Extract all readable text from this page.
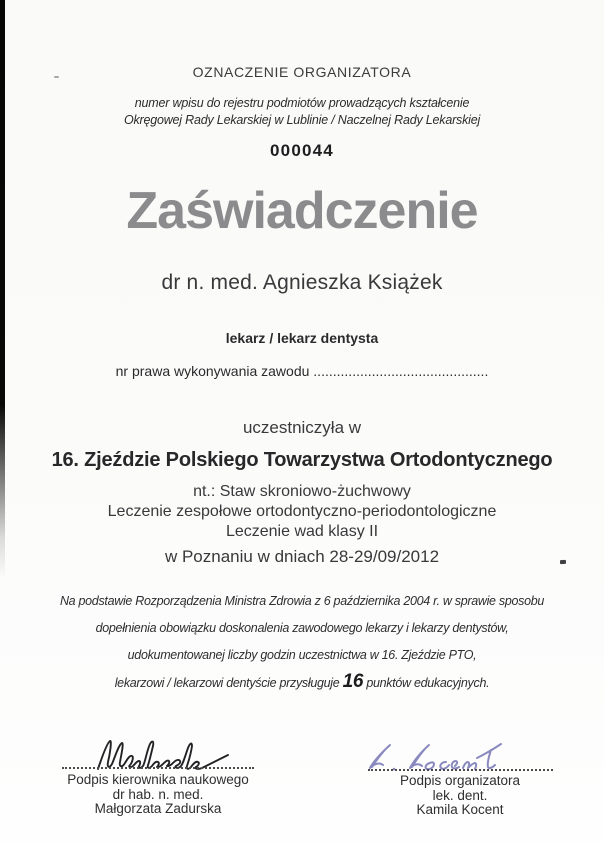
OZNACZENIE ORGANIZATORA
numer wpisu do rejestru podmiotów prowadzących kształcenie
Okręgowej Rady Lekarskiej w Lublinie / Naczelnej Rady Lekarskiej
000044
Zaświadczenie
dr n. med. Agnieszka Książek
lekarz / lekarz dentysta
nr prawa wykonywania zawodu .............................................
uczestniczyła w
16. Zjeździe Polskiego Towarzystwa Ortodontycznego
nt.: Staw skroniowo-żuchwowy
Leczenie zespołowe ortodontyczno-periodontologiczne
Leczenie wad klasy II
w Poznaniu w dniach 28-29/09/2012
Na podstawie Rozporządzenia Ministra Zdrowia z 6 października 2004 r. w sprawie sposobu
dopełnienia obowiązku doskonalenia zawodowego lekarzy i lekarzy dentystów,
udokumentowanej liczby godzin uczestnictwa w 16. Zjeździe PTO,
lekarzowi / lekarzowi dentyście przysługuje 16 punktów edukacyjnych.
Podpis kierownika naukowego
dr hab. n. med.
Małgorzata Zadurska
Podpis organizatora
lek. dent.
Kamila Kocent
